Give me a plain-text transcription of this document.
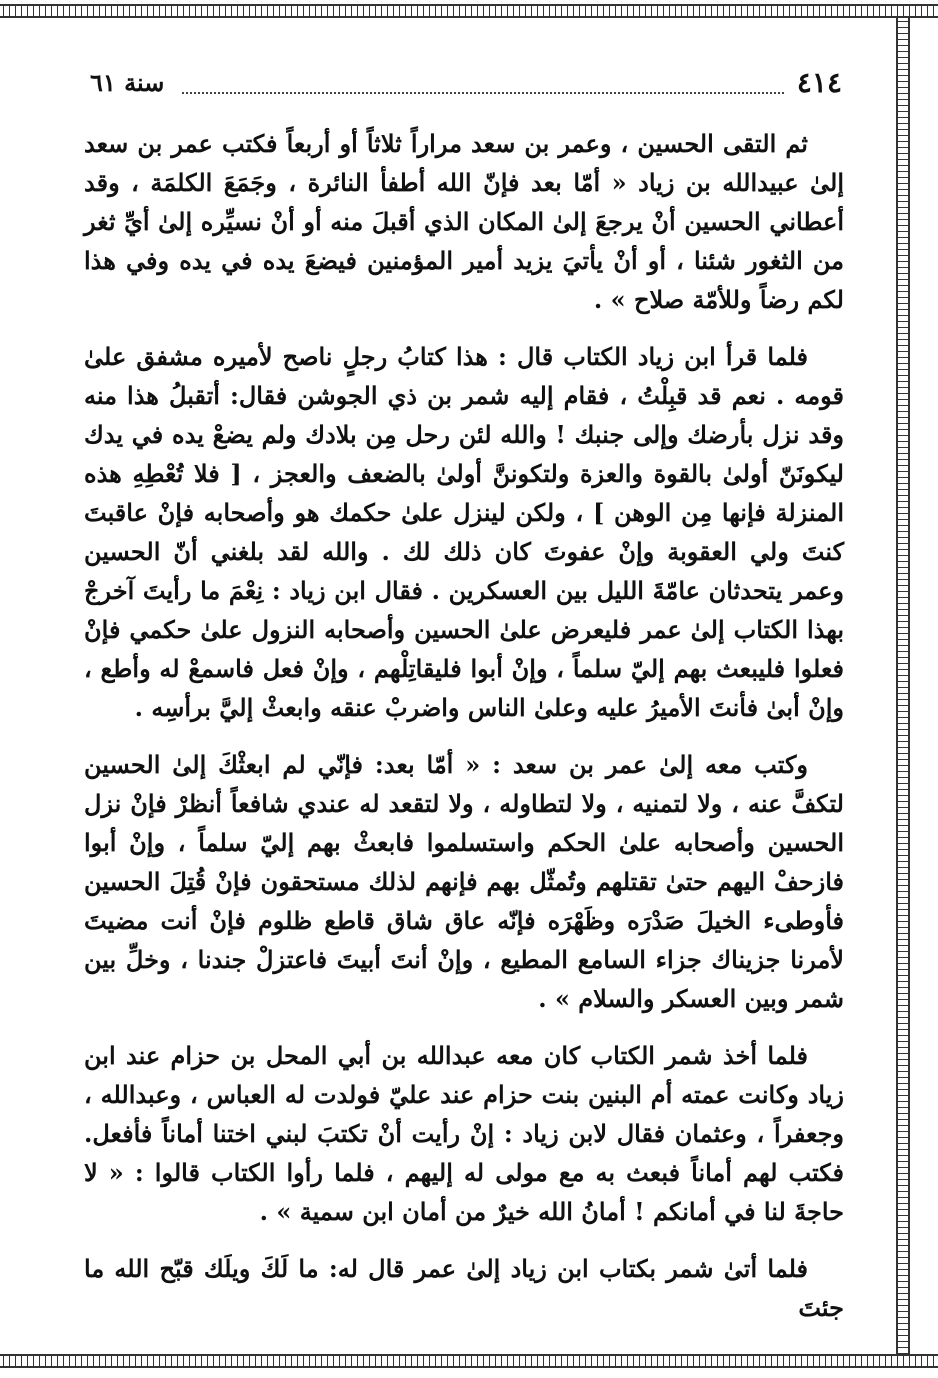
٤١٤
سنة ٦١

ثم التقى الحسين ، وعمر بن سعد مراراً ثلاثاً أو أربعاً فكتب عمر بن سعد إلىٰ عبيدالله بن زياد « أمّا بعد فإنّ الله أطفأ النائرة ، وجَمَعَ الكلمَة ، وقد أعطاني الحسين أنْ يرجعَ إلىٰ المكان الذي أقبلَ منه أو أنْ نسيِّره إلىٰ أيِّ ثغر من الثغور شئنا ، أو أنْ يأتيَ يزيد أمير المؤمنين فيضعَ يده في يده وفي هذا لكم رضاً وللأمّة صلاح » .

فلما قرأ ابن زياد الكتاب قال : هذا كتابُ رجلٍ ناصح لأميره مشفق علىٰ قومه . نعم قد قبِلْتُ ، فقام إليه شمر بن ذي الجوشن فقال: أتقبلُ هذا منه وقد نزل بأرضك وإلى جنبك ! والله لئن رحل مِن بلادك ولم يضعْ يده في يدك ليكونَنّ أولىٰ بالقوة والعزة ولتكوننَّ أولىٰ بالضعف والعجز ، [ فلا تُعْطِهِ هذه المنزلة فإنها مِن الوهن ] ، ولكن لينزل علىٰ حكمك هو وأصحابه فإنْ عاقبتَ كنتَ ولي العقوبة وإنْ عفوتَ كان ذلك لك . والله لقد بلغني أنّ الحسين وعمر يتحدثان عامّةَ الليل بين العسكرين . فقال ابن زياد : نِعْمَ ما رأيتَ آخرجْ بهذا الكتاب إلىٰ عمر فليعرض علىٰ الحسين وأصحابه النزول علىٰ حكمي فإنْ فعلوا فليبعث بهم إليّ سلماً ، وإنْ أبوا فليقاتِلْهم ، وإنْ فعل فاسمعْ له وأطع ، وإنْ أبىٰ فأنتَ الأميرُ عليه وعلىٰ الناس واضربْ عنقه وابعثْ إليَّ برأسِه .

وكتب معه إلىٰ عمر بن سعد : « أمّا بعد: فإنّي لم ابعثْكَ إلىٰ الحسين لتكفَّ عنه ، ولا لتمنيه ، ولا لتطاوله ، ولا لتقعد له عندي شافعاً أنظرْ فإنْ نزل الحسين وأصحابه علىٰ الحكم واستسلموا فابعثْ بهم إليّ سلماً ، وإنْ أبوا فازحفْ اليهم حتىٰ تقتلهم وتُمثّل بهم فإنهم لذلك مستحقون فإنْ قُتِلَ الحسين فأوطىء الخيلَ صَدْرَه وظَهْرَه فإنّه عاق شاق قاطع ظلوم فإنْ أنت مضيتَ لأمرنا جزيناك جزاء السامع المطيع ، وإنْ أنتَ أبيتَ فاعتزلْ جندنا ، وخلِّ بين شمر وبين العسكر والسلام » .

فلما أخذ شمر الكتاب كان معه عبدالله بن أبي المحل بن حزام عند ابن زياد وكانت عمته أم البنين بنت حزام عند عليّ فولدت له العباس ، وعبدالله ، وجعفراً ، وعثمان فقال لابن زياد : إنْ رأيت أنْ تكتبَ لبني اختنا أماناً فأفعل. فكتب لهم أماناً فبعث به مع مولى له إليهم ، فلما رأوا الكتاب قالوا : « لا حاجةَ لنا في أمانكم ! أمانُ الله خيرٌ من أمان ابن سمية » .

فلما أتىٰ شمر بكتاب ابن زياد إلىٰ عمر قال له: ما لَكَ ويلَك قبّح الله ما جئتَ
